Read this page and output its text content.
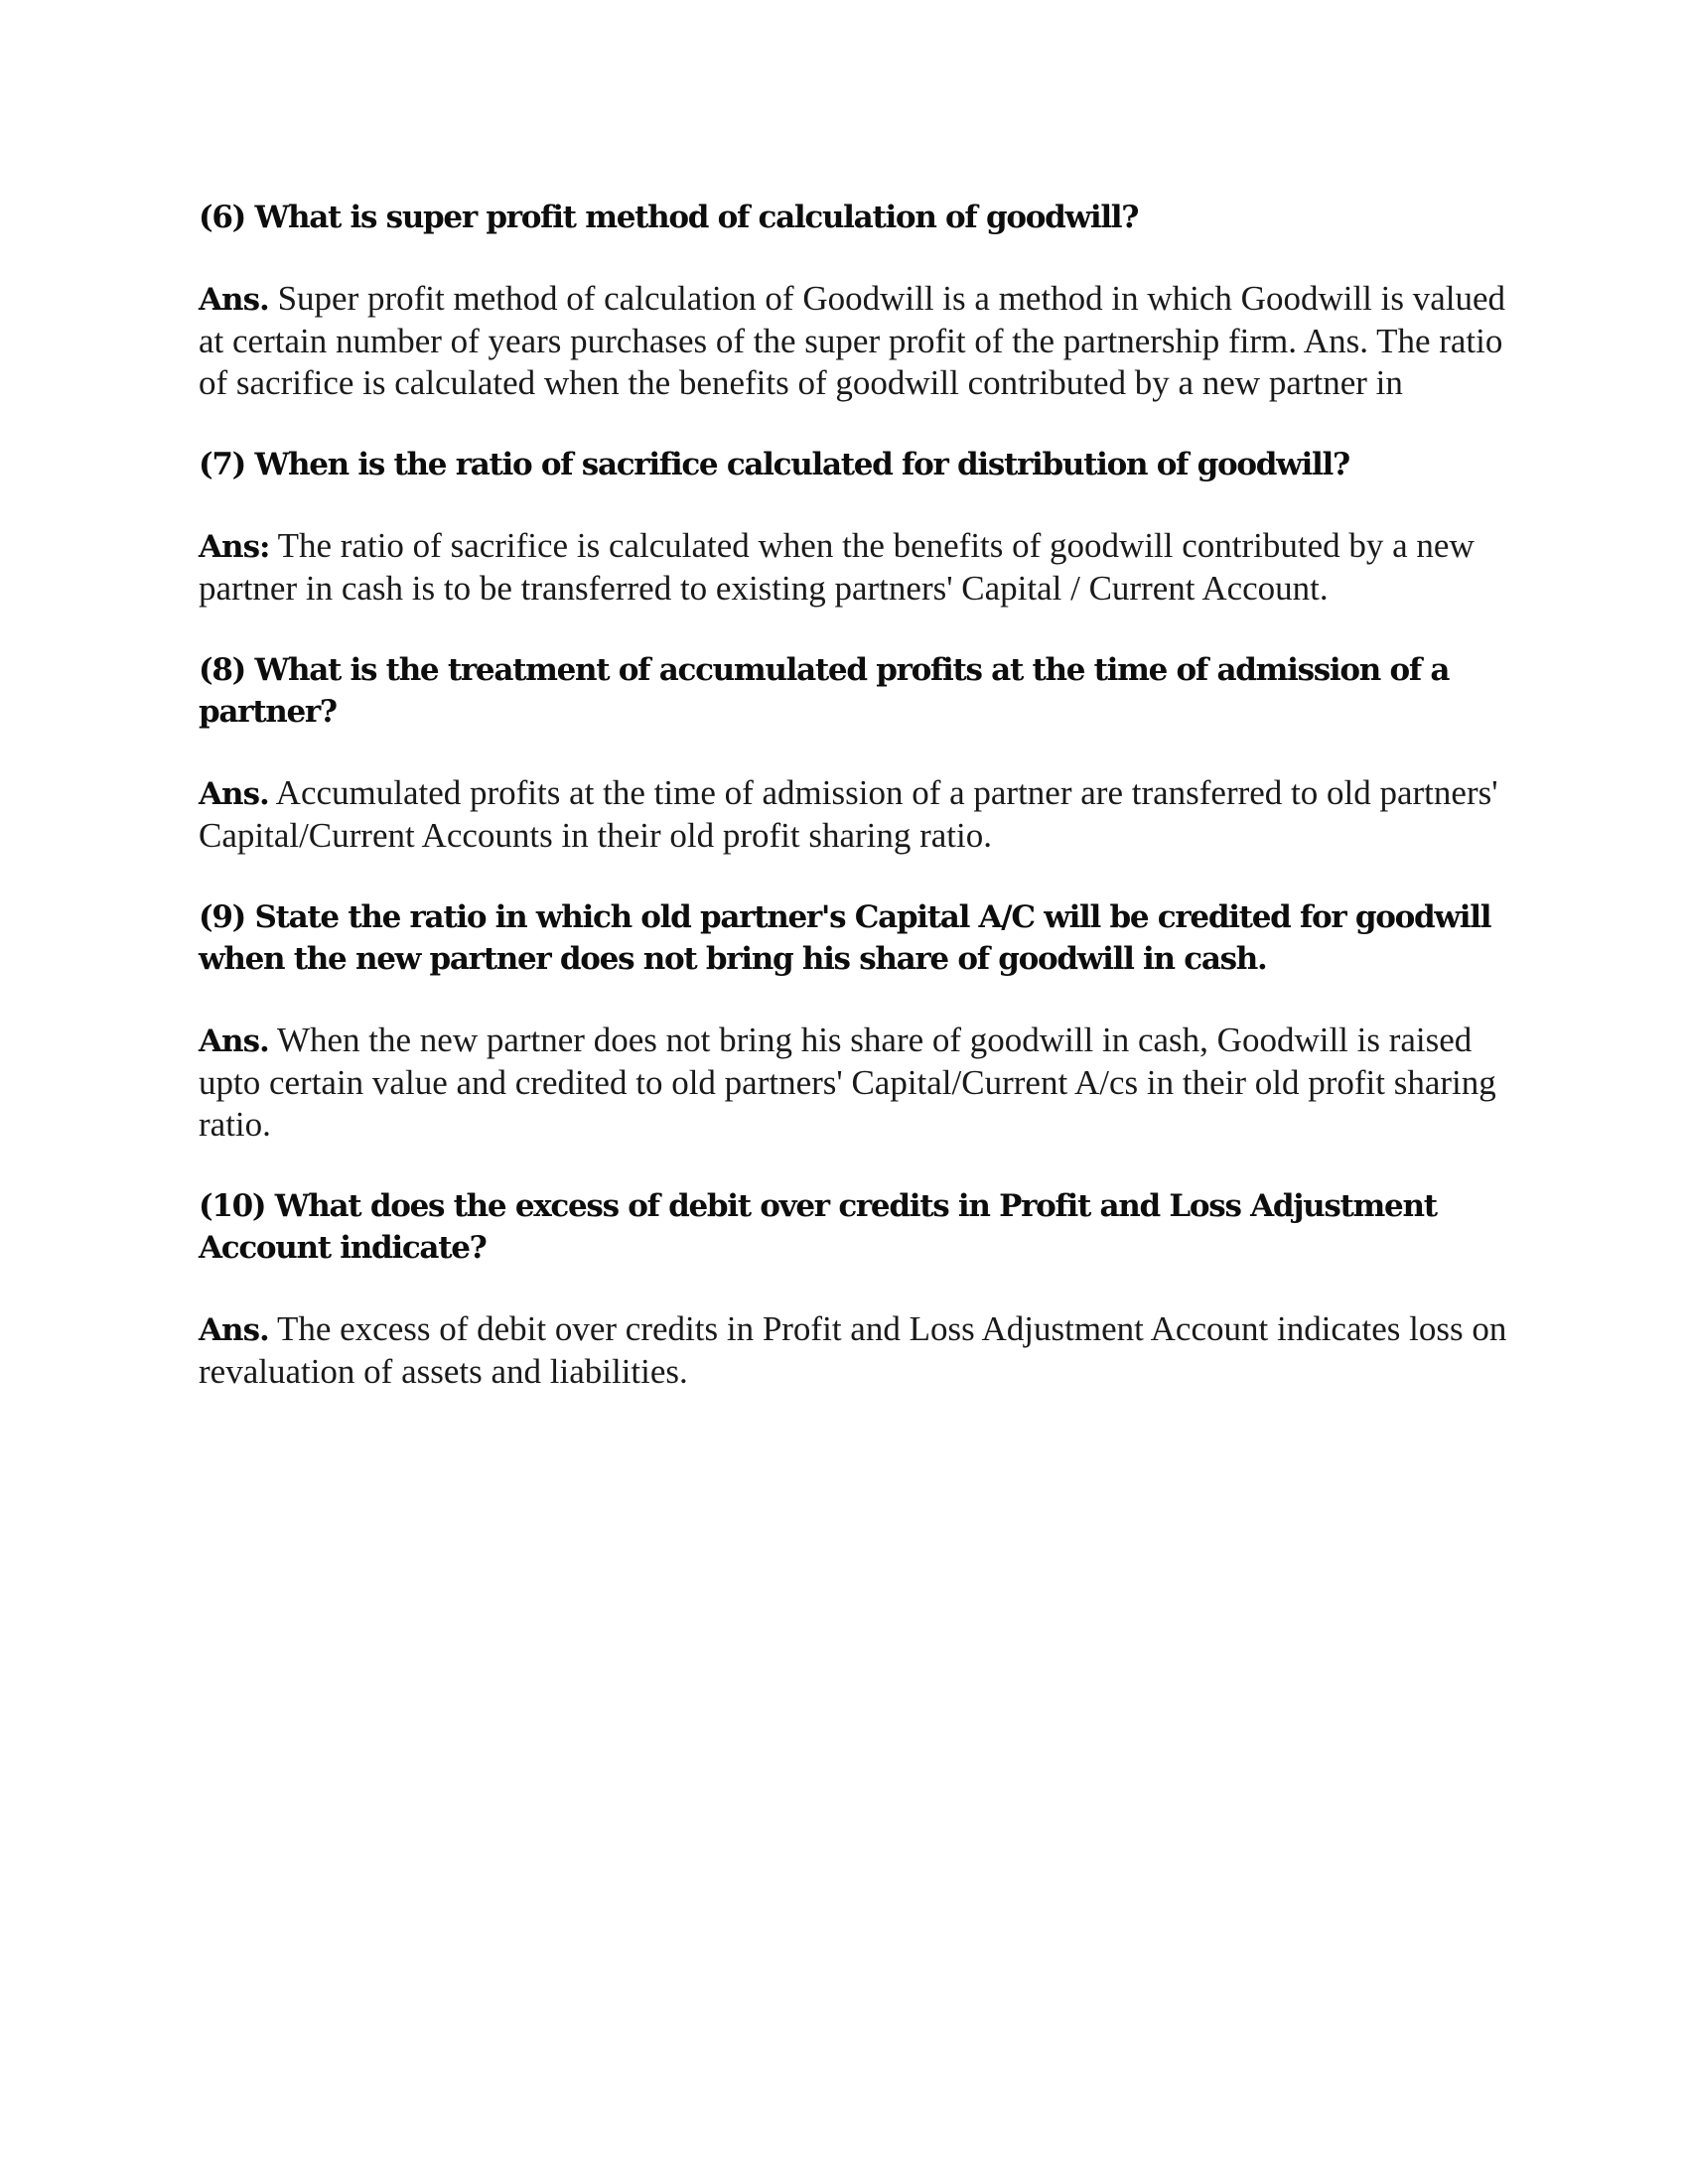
(6) What is super profit method of calculation of goodwill?

Ans. Super profit method of calculation of Goodwill is a method in which Goodwill is valued at certain number of years purchases of the super profit of the partnership firm. Ans. The ratio of sacrifice is calculated when the benefits of goodwill contributed by a new partner in

(7) When is the ratio of sacrifice calculated for distribution of goodwill?

Ans: The ratio of sacrifice is calculated when the benefits of goodwill contributed by a new partner in cash is to be transferred to existing partners' Capital / Current Account.

(8) What is the treatment of accumulated profits at the time of admission of a partner?

Ans. Accumulated profits at the time of admission of a partner are transferred to old partners' Capital/Current Accounts in their old profit sharing ratio.

(9) State the ratio in which old partner's Capital A/C will be credited for goodwill when the new partner does not bring his share of goodwill in cash.

Ans. When the new partner does not bring his share of goodwill in cash, Goodwill is raised upto certain value and credited to old partners' Capital/Current A/cs in their old profit sharing ratio.

(10) What does the excess of debit over credits in Profit and Loss Adjustment Account indicate?

Ans. The excess of debit over credits in Profit and Loss Adjustment Account indicates loss on revaluation of assets and liabilities.
